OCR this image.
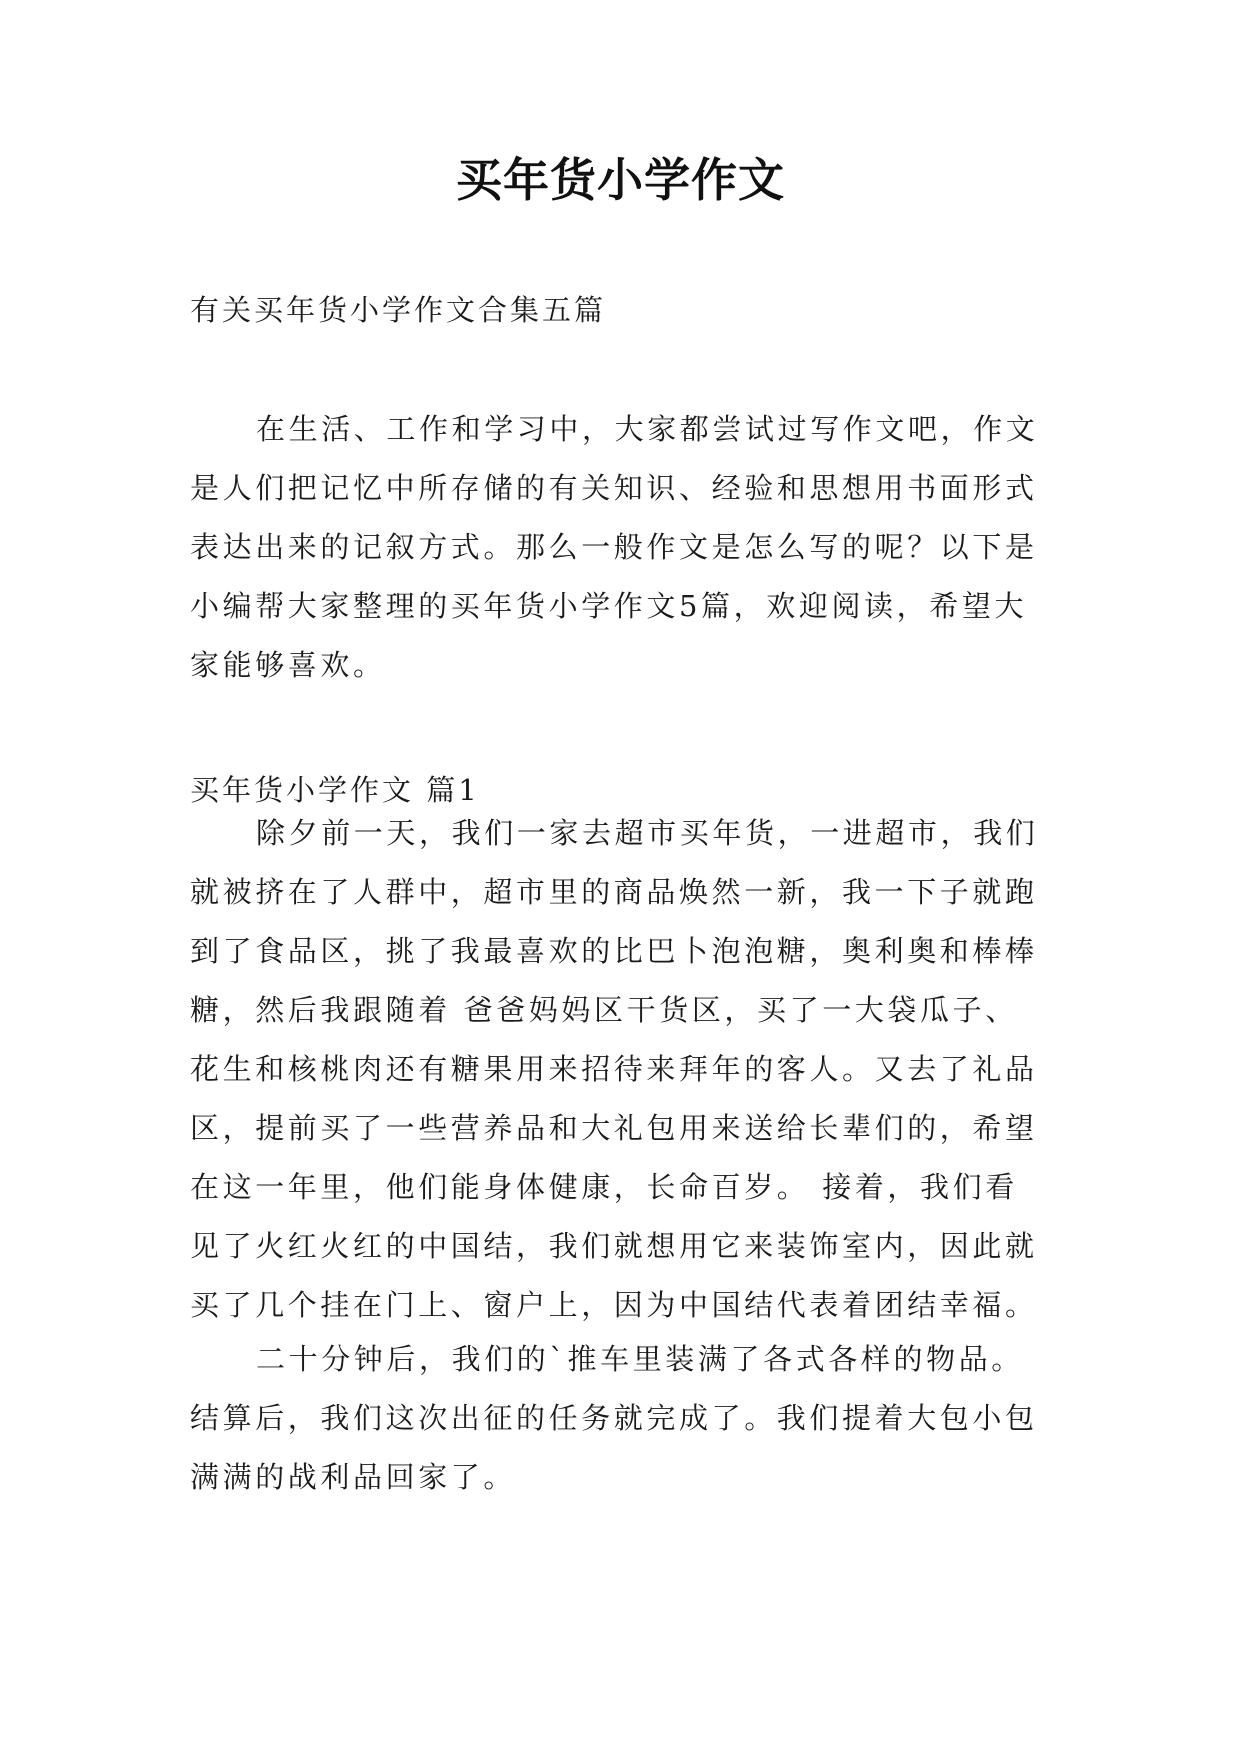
买年货小学作文
有关买年货小学作文合集五篇

在生活、工作和学习中，大家都尝试过写作文吧，作文是人们把记忆中所存储的有关知识、经验和思想用书面形式表达出来的记叙方式。那么一般作文是怎么写的呢？以下是小编帮大家整理的买年货小学作文5篇，欢迎阅读，希望大家能够喜欢。

买年货小学作文 篇1

除夕前一天，我们一家去超市买年货，一进超市，我们就被挤在了人群中，超市里的商品焕然一新，我一下子就跑到了食品区，挑了我最喜欢的比巴卜泡泡糖，奥利奥和棒棒糖，然后我跟随着 爸爸妈妈区干货区，买了一大袋瓜子、花生和核桃肉还有糖果用来招待来拜年的客人。又去了礼品区，提前买了一些营养品和大礼包用来送给长辈们的，希望在这一年里，他们能身体健康，长命百岁。 接着，我们看见了火红火红的中国结，我们就想用它来装饰室内，因此就买了几个挂在门上、窗户上，因为中国结代表着团结幸福。

二十分钟后，我们的`推车里装满了各式各样的物品。结算后，我们这次出征的任务就完成了。我们提着大包小包满满的战利品回家了。
